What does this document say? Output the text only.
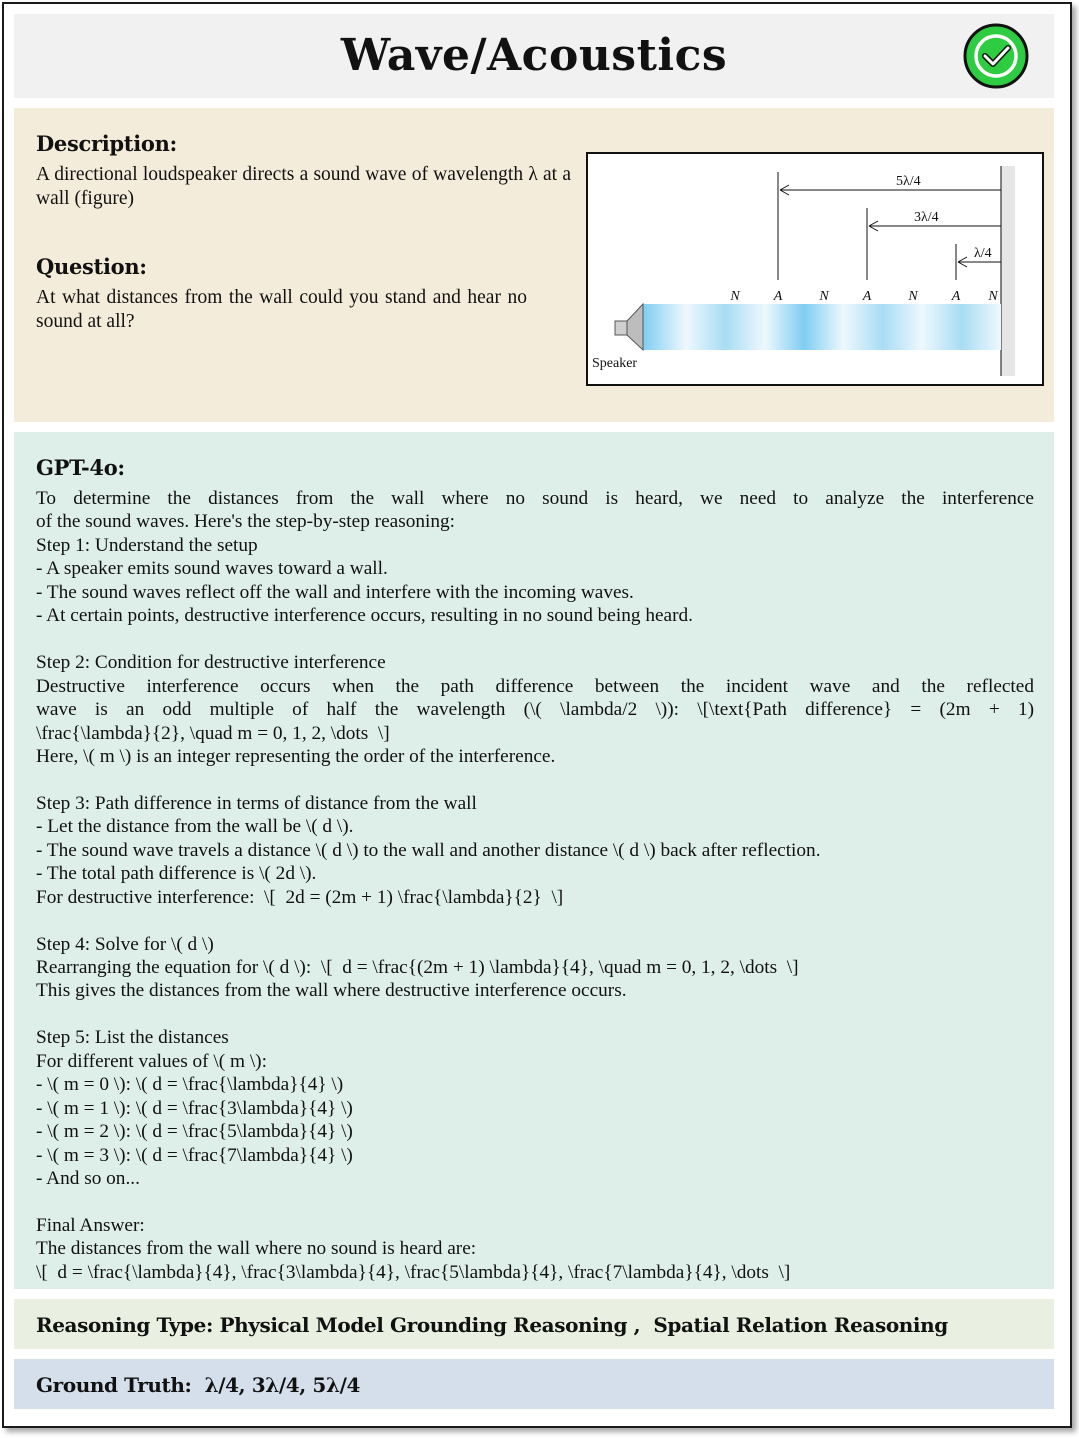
Wave/Acoustics
Description:
A directional loudspeaker directs a sound wave of wavelength λ at a wall (figure)
Question:
At what distances from the wall could you stand and hear no sound at all?
Speaker
5λ/4
3λ/4
λ/4
N A	N A	N A N
GPT-4o:
To determine the distances from the wall where no sound is heard, we need to analyze the interference
of the sound waves. Here's the step-by-step reasoning:
Step 1: Understand the setup
- A speaker emits sound waves toward a wall.
- The sound waves reflect off the wall and interfere with the incoming waves.
- At certain points, destructive interference occurs, resulting in no sound being heard.
Step 2: Condition for destructive interference
Destructive interference occurs when the path difference between the incident wave and the reflected
wave is an odd multiple of half the wavelength (\( \lambda/2 \)): \[\text{Path difference} = (2m + 1)
\frac{\lambda}{2}, \quad m = 0, 1, 2, \dots  \]
Here, \( m \) is an integer representing the order of the interference.
Step 3: Path difference in terms of distance from the wall
- Let the distance from the wall be \( d \).
- The sound wave travels a distance \( d \) to the wall and another distance \( d \) back after reflection.
- The total path difference is \( 2d \).
For destructive interference:  \[  2d = (2m + 1) \frac{\lambda}{2}  \]
Step 4: Solve for \( d \)
Rearranging the equation for \( d \):  \[  d = \frac{(2m + 1) \lambda}{4}, \quad m = 0, 1, 2, \dots  \]
This gives the distances from the wall where destructive interference occurs.
Step 5: List the distances
For different values of \( m \):
- \( m = 0 \): \( d = \frac{\lambda}{4} \)
- \( m = 1 \): \( d = \frac{3\lambda}{4} \)
- \( m = 2 \): \( d = \frac{5\lambda}{4} \)
- \( m = 3 \): \( d = \frac{7\lambda}{4} \)
- And so on...
Final Answer:
The distances from the wall where no sound is heard are:
\[  d = \frac{\lambda}{4}, \frac{3\lambda}{4}, \frac{5\lambda}{4}, \frac{7\lambda}{4}, \dots  \]
Reasoning Type: Physical Model Grounding Reasoning ,  Spatial Relation Reasoning
Ground Truth:  λ/4, 3λ/4, 5λ/4
